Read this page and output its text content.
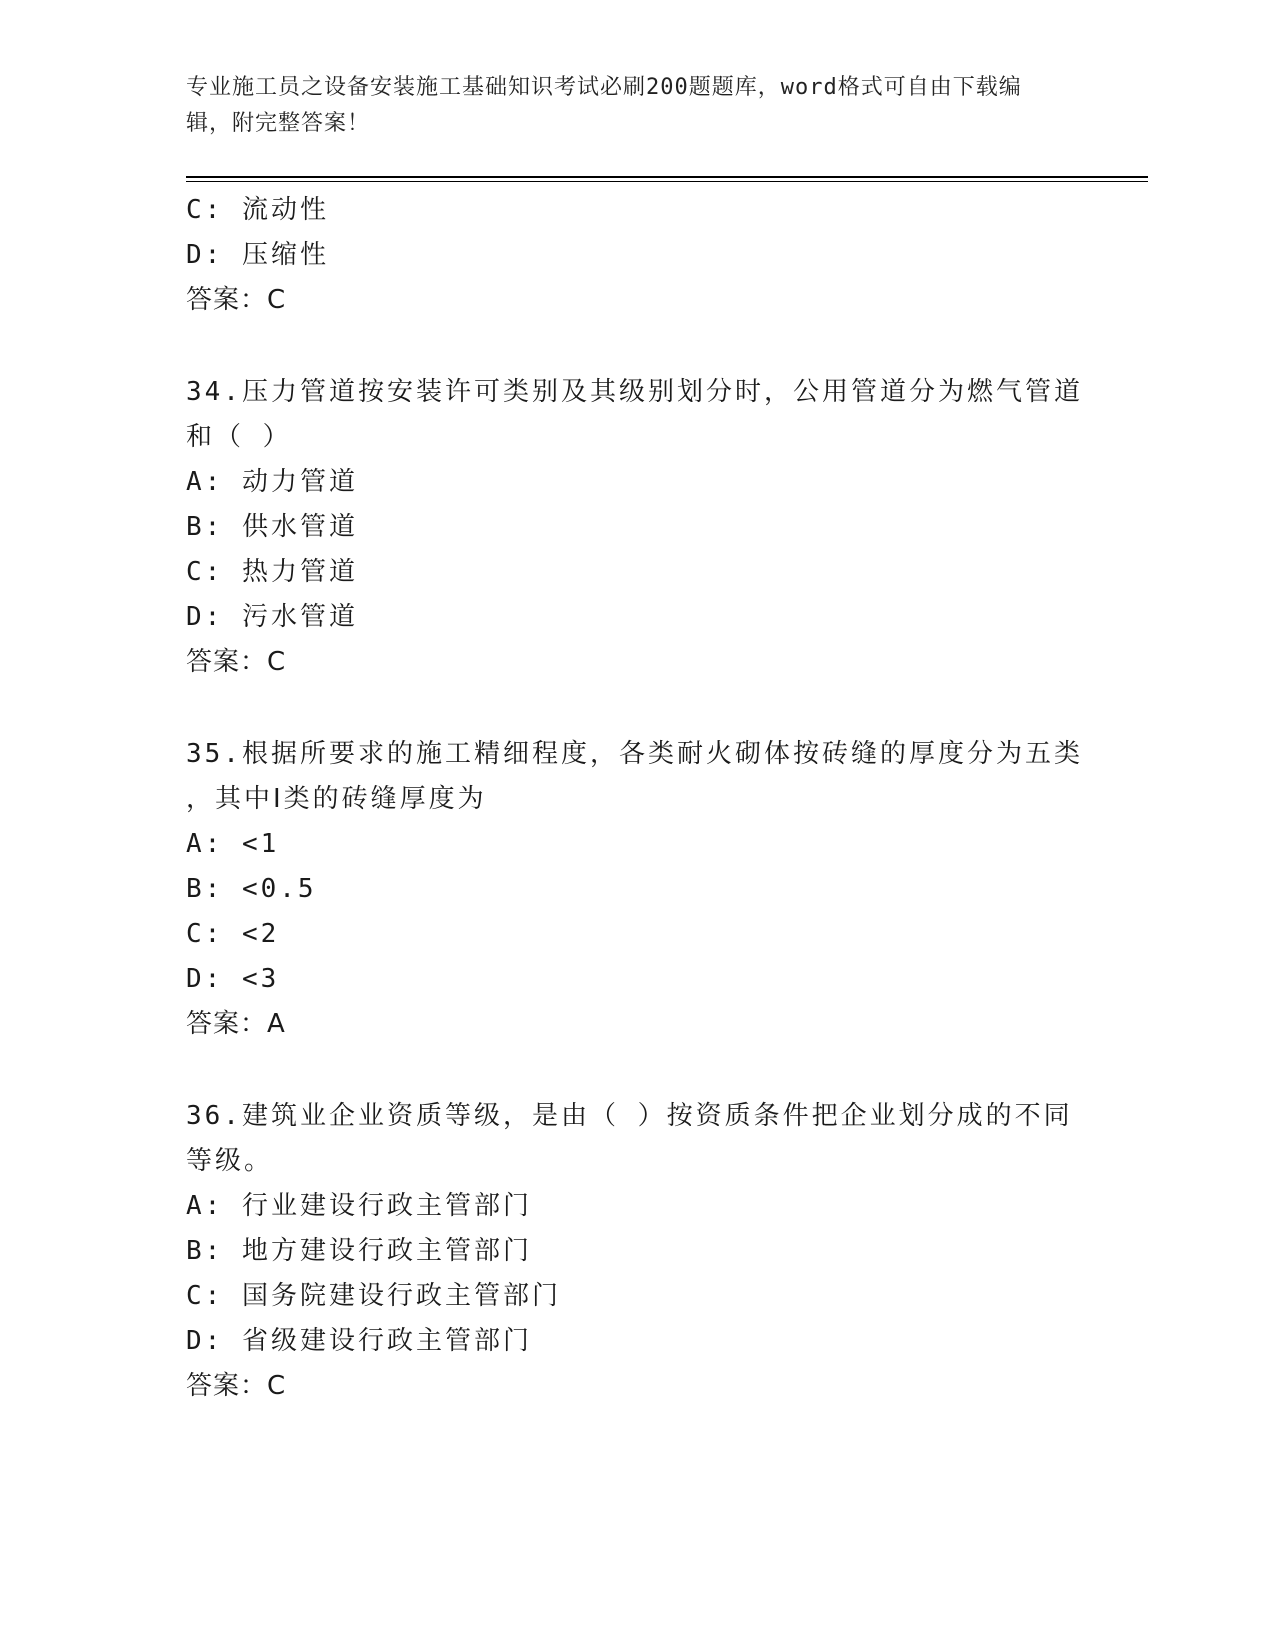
专业施工员之设备安装施工基础知识考试必刷200题题库，word格式可自由下载编辑，附完整答案！
C: 流动性
D: 压缩性
答案：C
34.压力管道按安装许可类别及其级别划分时，公用管道分为燃气管道
和（ ）
A: 动力管道
B: 供水管道
C: 热力管道
D: 污水管道
答案：C
35.根据所要求的施工精细程度，各类耐火砌体按砖缝的厚度分为五类
，其中Ⅰ类的砖缝厚度为
A: <1
B: <0.5
C: <2
D: <3
答案：A
36.建筑业企业资质等级，是由（ ）按资质条件把企业划分成的不同
等级。
A: 行业建设行政主管部门
B: 地方建设行政主管部门
C: 国务院建设行政主管部门
D: 省级建设行政主管部门
答案：C
